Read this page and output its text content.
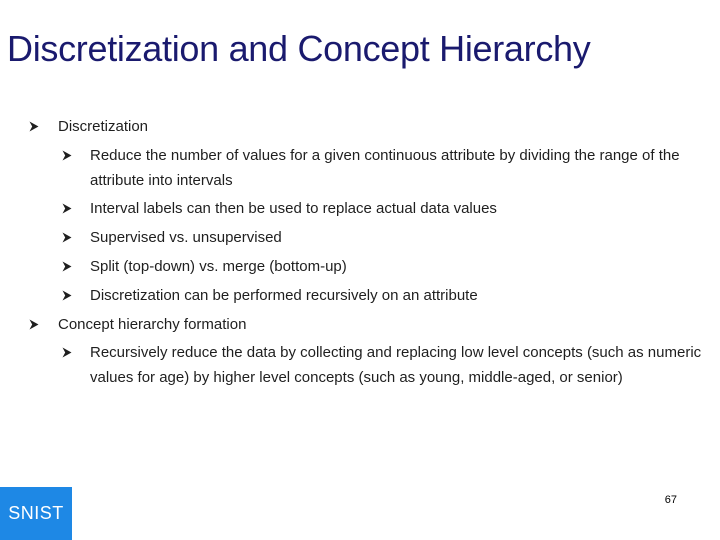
Discretization and Concept Hierarchy
Discretization
Reduce the number of values for a given continuous attribute by dividing the range of the attribute into intervals
Interval labels can then be used to replace actual data values
Supervised vs. unsupervised
Split (top-down) vs. merge (bottom-up)
Discretization can be performed recursively on an attribute
Concept hierarchy formation
Recursively reduce the data by collecting and replacing low level concepts (such as numeric values for age) by higher level concepts (such as young, middle-aged, or senior)
SNIST
67
